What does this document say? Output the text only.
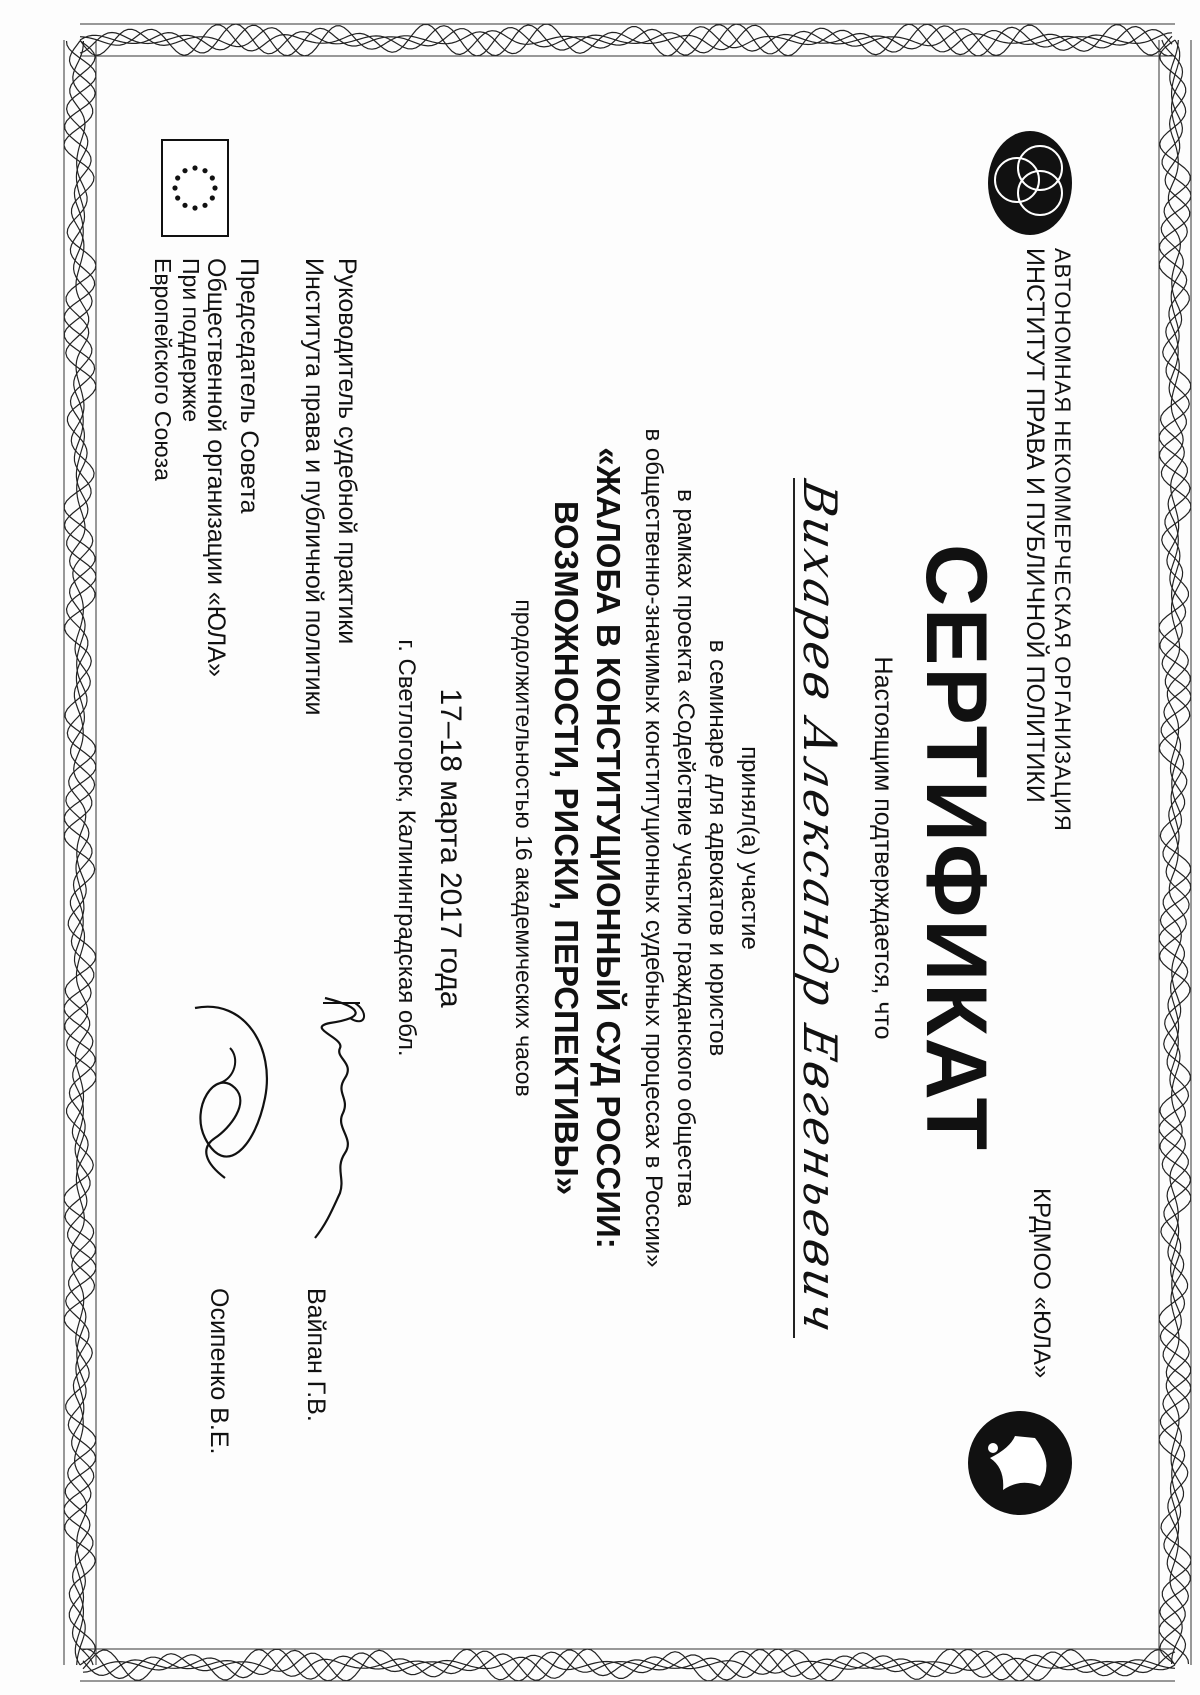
АВТОНОМНАЯ НЕКОММЕРЧЕСКАЯ ОРГАНИЗАЦИЯ
ИНСТИТУТ ПРАВА И ПУБЛИЧНОЙ ПОЛИТИКИ
КРДМОО «ЮЛА»
СЕРТИФИКАТ
Настоящим подтверждается, что
Вихарев Александр Евгеньевич
принял(а) участие
в семинаре для адвокатов и юристов
в рамках проекта «Содействие участию гражданского общества
в общественно-значимых конституционных судебных процессах в России»
«ЖАЛОБА В КОНСТИТУЦИОННЫЙ СУД РОССИИ:
ВОЗМОЖНОСТИ, РИСКИ, ПЕРСПЕКТИВЫ»
продолжительностью 16 академических часов
17–18 марта 2017 года
г. Светлогорск, Калининградская обл.
Руководитель судебной практики
Института права и публичной политики
Вайпан Г.В.
Председатель Совета
Общественной организации «ЮЛА»
Осипенко В.Е.
При поддержке
Европейского Союза
